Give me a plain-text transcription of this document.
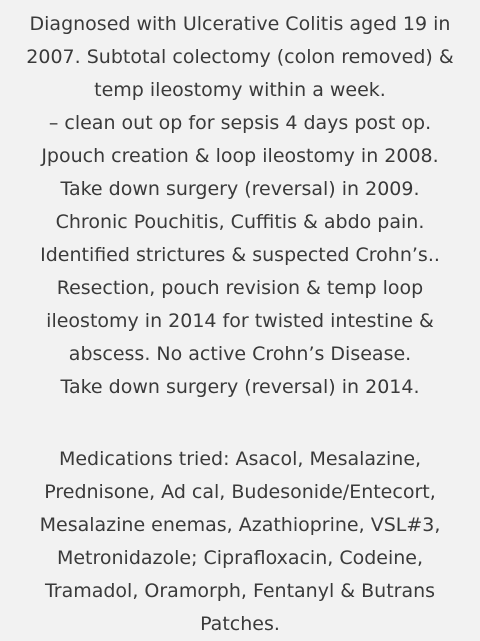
Diagnosed with Ulcerative Colitis aged 19 in
2007. Subtotal colectomy (colon removed) &
temp ileostomy within a week.
– clean out op for sepsis 4 days post op.
Jpouch creation & loop ileostomy in 2008.
Take down surgery (reversal) in 2009.
Chronic Pouchitis, Cuffitis & abdo pain.
Identified strictures & suspected Crohn’s..
Resection, pouch revision & temp loop
ileostomy in 2014 for twisted intestine &
abscess. No active Crohn’s Disease.
Take down surgery (reversal) in 2014.
Medications tried: Asacol, Mesalazine,
Prednisone, Ad cal, Budesonide/Entecort,
Mesalazine enemas, Azathioprine, VSL#3,
Metronidazole; Ciprafloxacin, Codeine,
Tramadol, Oramorph, Fentanyl & Butrans
Patches.
